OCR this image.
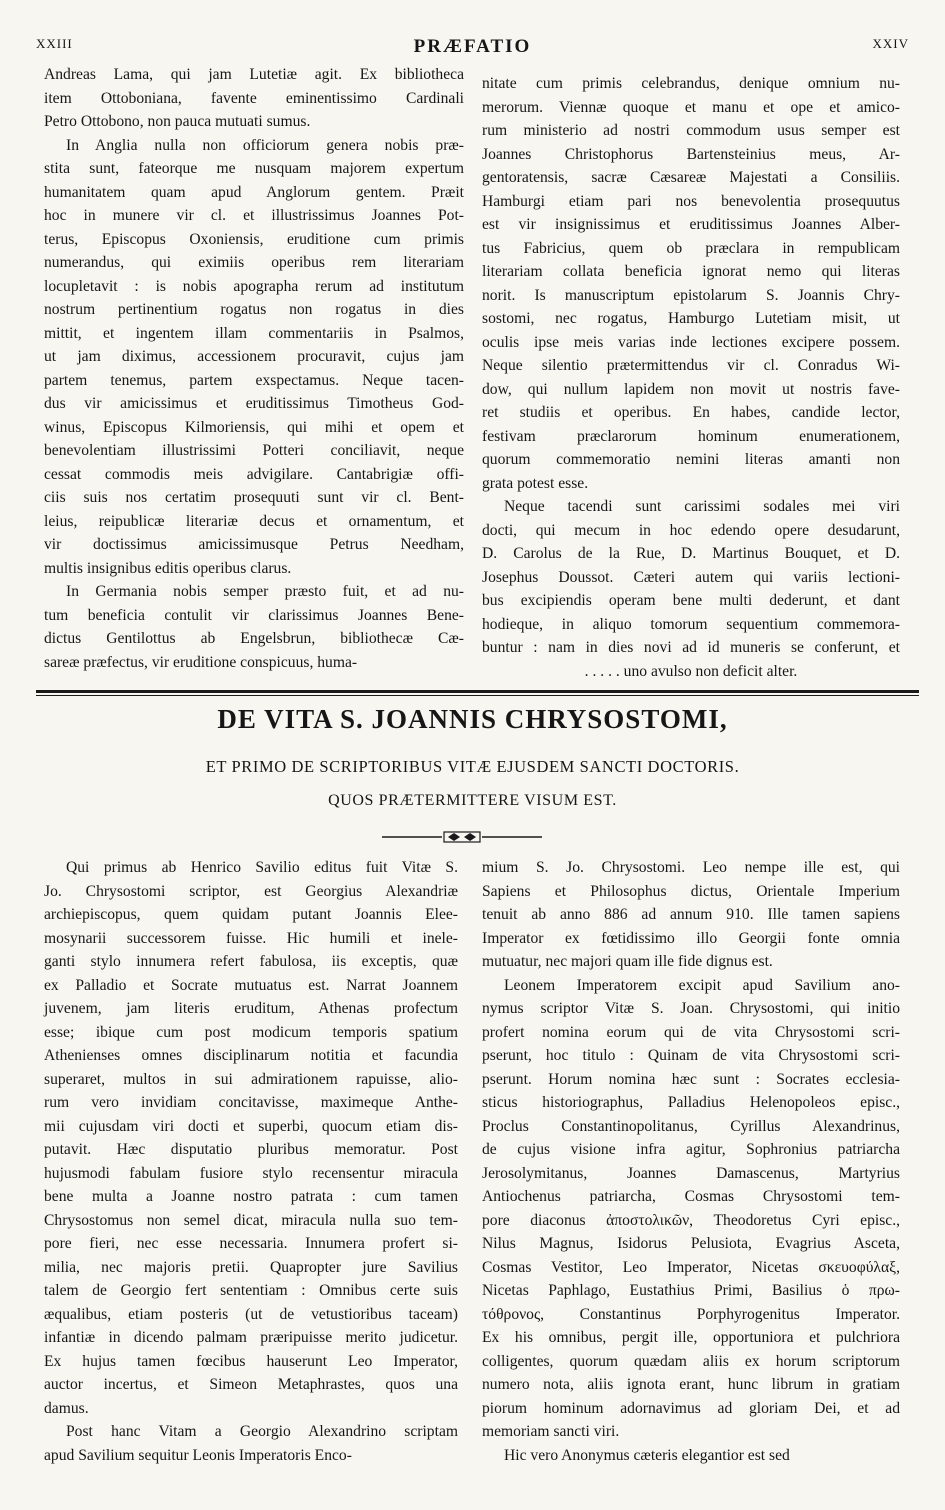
XXIII	PRÆFATIO	XXIV
Andreas Lama, qui jam Lutetiæ agit. Ex bibliotheca
item Ottoboniana, favente eminentissimo Cardinali
Petro Ottobono, non pauca mutuati sumus.
In Anglia nulla non officiorum genera nobis præ-
stita sunt, fateorque me nusquam majorem expertum
humanitatem quam apud Anglorum gentem. Præit
hoc in munere vir cl. et illustrissimus Joannes Pot-
terus, Episcopus Oxoniensis, eruditione cum primis
numerandus, qui eximiis operibus rem literariam
locupletavit : is nobis apographa rerum ad institutum
nostrum pertinentium rogatus non rogatus in dies
mittit, et ingentem illam commentariis in Psalmos,
ut jam diximus, accessionem procuravit, cujus jam
partem tenemus, partem exspectamus. Neque tacen-
dus vir amicissimus et eruditissimus Timotheus God-
winus, Episcopus Kilmoriensis, qui mihi et opem et
benevolentiam illustrissimi Potteri conciliavit, neque
cessat commodis meis advigilare. Cantabrigiæ offi-
ciis suis nos certatim prosequuti sunt vir cl. Bent-
leius, reipublicæ literariæ decus et ornamentum, et
vir doctissimus amicissimusque Petrus Needham,
multis insignibus editis operibus clarus.
In Germania nobis semper præsto fuit, et ad nu-
tum beneficia contulit vir clarissimus Joannes Bene-
dictus Gentilottus ab Engelsbrun, bibliothecæ Cæ-
sareæ præfectus, vir eruditione conspicuus, huma-
nitate cum primis celebrandus, denique omnium nu-
merorum. Viennæ quoque et manu et ope et amico-
rum ministerio ad nostri commodum usus semper est
Joannes Christophorus Bartensteinius meus, Ar-
gentoratensis, sacræ Cæsareæ Majestati a Consiliis.
Hamburgi etiam pari nos benevolentia prosequutus
est vir insignissimus et eruditissimus Joannes Alber-
tus Fabricius, quem ob præclara in rempublicam
literariam collata beneficia ignorat nemo qui literas
norit. Is manuscriptum epistolarum S. Joannis Chry-
sostomi, nec rogatus, Hamburgo Lutetiam misit, ut
oculis ipse meis varias inde lectiones excipere possem.
Neque silentio prætermittendus vir cl. Conradus Wi-
dow, qui nullum lapidem non movit ut nostris fave-
ret studiis et operibus. En habes, candide lector,
festivam præclarorum hominum enumerationem,
quorum commemoratio nemini literas amanti non
grata potest esse.
Neque tacendi sunt carissimi sodales mei viri
docti, qui mecum in hoc edendo opere desudarunt,
D. Carolus de la Rue, D. Martinus Bouquet, et D.
Josephus Doussot. Cæteri autem qui variis lectioni-
bus excipiendis operam bene multi dederunt, et dant
hodieque, in aliquo tomorum sequentium commemora-
buntur : nam in dies novi ad id muneris se conferunt, et
. . . . . uno avulso non deficit alter.
DE VITA S. JOANNIS CHRYSOSTOMI,
ET PRIMO DE SCRIPTORIBUS VITÆ EJUSDEM SANCTI DOCTORIS.
QUOS PRÆTERMITTERE VISUM EST.
Qui primus ab Henrico Savilio editus fuit Vitæ S.
Jo. Chrysostomi scriptor, est Georgius Alexandriæ
archiepiscopus, quem quidam putant Joannis Elee-
mosynarii successorem fuisse. Hic humili et inele-
ganti stylo innumera refert fabulosa, iis exceptis, quæ
ex Palladio et Socrate mutuatus est. Narrat Joannem
juvenem, jam literis eruditum, Athenas profectum
esse; ibique cum post modicum temporis spatium
Athenienses omnes disciplinarum notitia et facundia
superaret, multos in sui admirationem rapuisse, alio-
rum vero invidiam concitavisse, maximeque Anthe-
mii cujusdam viri docti et superbi, quocum etiam dis-
putavit. Hæc disputatio pluribus memoratur. Post
hujusmodi fabulam fusiore stylo recensentur miracula
bene multa a Joanne nostro patrata : cum tamen
Chrysostomus non semel dicat, miracula nulla suo tem-
pore fieri, nec esse necessaria. Innumera profert si-
milia, nec majoris pretii. Quapropter jure Savilius
talem de Georgio fert sententiam : Omnibus certe suis
æqualibus, etiam posteris (ut de vetustioribus taceam)
infantiæ in dicendo palmam præripuisse merito judicetur.
Ex hujus tamen fœcibus hauserunt Leo Imperator,
auctor incertus, et Simeon Metaphrastes, quos una
damus.
Post hanc Vitam a Georgio Alexandrino scriptam
apud Savilium sequitur Leonis Imperatoris Enco-
mium S. Jo. Chrysostomi. Leo nempe ille est, qui
Sapiens et Philosophus dictus, Orientale Imperium
tenuit ab anno 886 ad annum 910. Ille tamen sapiens
Imperator ex fœtidissimo illo Georgii fonte omnia
mutuatur, nec majori quam ille fide dignus est.
Leonem Imperatorem excipit apud Savilium ano-
nymus scriptor Vitæ S. Joan. Chrysostomi, qui initio
profert nomina eorum qui de vita Chrysostomi scri-
pserunt, hoc titulo : Quinam de vita Chrysostomi scri-
pserunt. Horum nomina hæc sunt : Socrates ecclesia-
sticus historiographus, Palladius Helenopoleos episc.,
Proclus Constantinopolitanus, Cyrillus Alexandrinus,
de cujus visione infra agitur, Sophronius patriarcha
Jerosolymitanus, Joannes Damascenus, Martyrius
Antiochenus patriarcha, Cosmas Chrysostomi tem-
pore diaconus ἀποστολικῶν, Theodoretus Cyri episc.,
Nilus Magnus, Isidorus Pelusiota, Evagrius Asceta,
Cosmas Vestitor, Leo Imperator, Nicetas σκευοφύλαξ,
Nicetas Paphlago, Eustathius Primi, Basilius ὁ πρω-
τόθρονος, Constantinus Porphyrogenitus Imperator.
Ex his omnibus, pergit ille, opportuniora et pulchriora
colligentes, quorum quædam aliis ex horum scriptorum
numero nota, aliis ignota erant, hunc librum in gratiam
piorum hominum adornavimus ad gloriam Dei, et ad
memoriam sancti viri.
Hic vero Anonymus cæteris elegantior est sed
